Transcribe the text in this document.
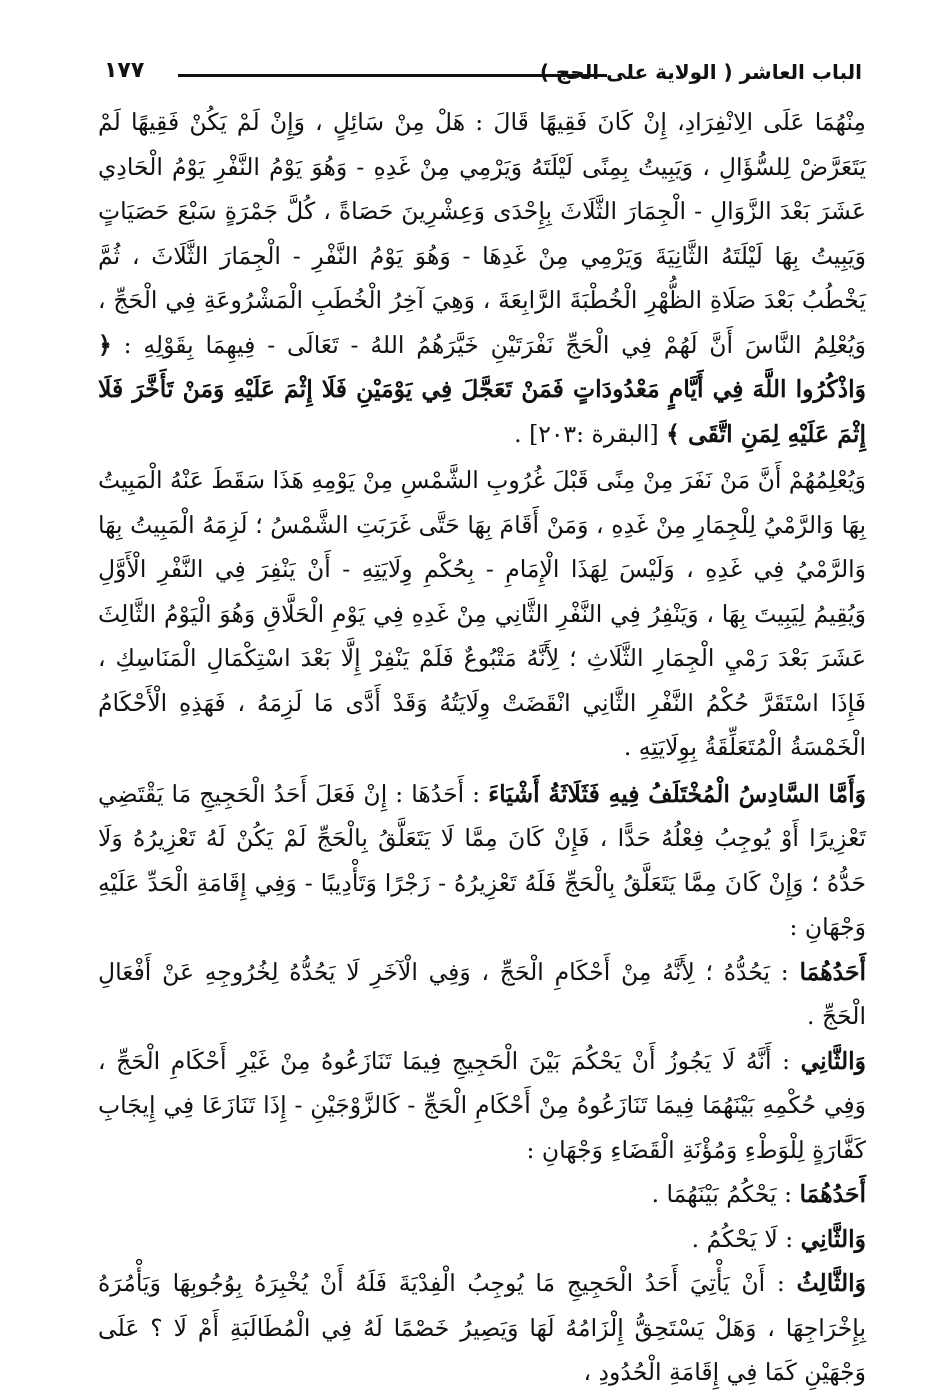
الباب العاشر ( الولاية على الحج )
١٧٧

مِنْهُمَا عَلَى الِانْفِرَادِ، إِنْ كَانَ فَقِيهًا قَالَ : هَلْ مِنْ سَائِلٍ ، وَإِنْ لَمْ يَكُنْ فَقِيهًا لَمْ يَتَعَرَّضْ لِلسُّؤَالِ ، وَيَبِيتُ بِمِنًى لَيْلَتَهُ وَيَرْمِي مِنْ غَدِهِ - وَهُوَ يَوْمُ النَّفْرِ يَوْمُ الْحَادِي عَشَرَ بَعْدَ الزَّوَالِ - الْجِمَارَ الثَّلَاثَ بِإِحْدَى وَعِشْرِينَ حَصَاةً ، كُلَّ جَمْرَةٍ سَبْعَ حَصَيَاتٍ وَيَبِيتُ بِهَا لَيْلَتَهُ الثَّانِيَةَ وَيَرْمِي مِنْ غَدِهَا - وَهُوَ يَوْمُ النَّفْرِ - الْجِمَارَ الثَّلَاثَ ، ثُمَّ يَخْطُبُ بَعْدَ صَلَاةِ الظُّهْرِ الْخُطْبَةَ الرَّابِعَةَ ، وَهِيَ آخِرُ الْخُطَبِ الْمَشْرُوعَةِ فِي الْحَجِّ ، وَيُعْلِمُ النَّاسَ أَنَّ لَهُمْ فِي الْحَجِّ نَفْرَتَيْنِ خَيَّرَهُمُ اللهُ - تَعَالَى - فِيهِمَا بِقَوْلِهِ : ﴿ وَاذْكُرُوا اللَّهَ فِي أَيَّامٍ مَعْدُودَاتٍ فَمَنْ تَعَجَّلَ فِي يَوْمَيْنِ فَلَا إِثْمَ عَلَيْهِ وَمَنْ تَأَخَّرَ فَلَا إِثْمَ عَلَيْهِ لِمَنِ اتَّقَى ﴾ [البقرة :٢٠٣] .

وَيُعْلِمُهُمْ أَنَّ مَنْ نَفَرَ مِنْ مِنًى قَبْلَ غُرُوبِ الشَّمْسِ مِنْ يَوْمِهِ هَذَا سَقَطَ عَنْهُ الْمَبِيتُ بِهَا وَالرَّمْيُ لِلْجِمَارِ مِنْ غَدِهِ ، وَمَنْ أَقَامَ بِهَا حَتَّى غَرَبَتِ الشَّمْسُ ؛ لَزِمَهُ الْمَبِيتُ بِهَا وَالرَّمْيُ فِي غَدِهِ ، وَلَيْسَ لِهَذَا الْإِمَامِ - بِحُكْمِ وِلَايَتِهِ - أَنْ يَنْفِرَ فِي النَّفْرِ الْأَوَّلِ وَيُقِيمُ لِيَبِيتَ بِهَا ، وَيَنْفِرُ فِي النَّفْرِ الثَّانِي مِنْ غَدِهِ فِي يَوْمِ الْحَلَّاقِ وَهُوَ الْيَوْمُ الثَّالِثَ عَشَرَ بَعْدَ رَمْيِ الْجِمَارِ الثَّلَاثِ ؛ لِأَنَّهُ مَتْبُوعٌ فَلَمْ يَنْفِرْ إِلَّا بَعْدَ اسْتِكْمَالِ الْمَنَاسِكِ ، فَإِذَا اسْتَقَرَّ حُكْمُ النَّفْرِ الثَّانِي انْقَضَتْ وِلَايَتُهُ وَقَدْ أَدَّى مَا لَزِمَهُ ، فَهَذِهِ الْأَحْكَامُ الْخَمْسَةُ الْمُتَعَلِّقَةُ بِوِلَايَتِهِ .

وَأَمَّا السَّادِسُ الْمُخْتَلَفُ فِيهِ فَثَلَاثَةُ أَشْيَاءَ : أَحَدُهَا : إِنْ فَعَلَ أَحَدُ الْحَجِيجِ مَا يَقْتَضِي تَعْزِيرًا أَوْ يُوجِبُ فِعْلُهُ حَدًّا ، فَإِنْ كَانَ مِمَّا لَا يَتَعَلَّقُ بِالْحَجِّ لَمْ يَكُنْ لَهُ تَعْزِيرُهُ وَلَا حَدُّهُ ؛ وَإِنْ كَانَ مِمَّا يَتَعَلَّقُ بِالْحَجِّ فَلَهُ تَعْزِيرُهُ - زَجْرًا وَتَأْدِيبًا - وَفِي إِقَامَةِ الْحَدِّ عَلَيْهِ وَجْهَانِ :

أَحَدُهُمَا : يَحُدُّهُ ؛ لِأَنَّهُ مِنْ أَحْكَامِ الْحَجِّ ، وَفِي الْآخَرِ لَا يَحُدُّهُ لِخُرُوجِهِ عَنْ أَفْعَالِ الْحَجِّ .

وَالثَّانِي : أَنَّهُ لَا يَجُوزُ أَنْ يَحْكُمَ بَيْنَ الْحَجِيجِ فِيمَا تَنَازَعُوهُ مِنْ غَيْرِ أَحْكَامِ الْحَجِّ ، وَفِي حُكْمِهِ بَيْنَهُمَا فِيمَا تَنَازَعُوهُ مِنْ أَحْكَامِ الْحَجِّ - كَالزَّوْجَيْنِ - إِذَا تَنَازَعَا فِي إِيجَابِ كَفَّارَةٍ لِلْوَطْءِ وَمُؤْنَةِ الْقَضَاءِ وَجْهَانِ :

أَحَدُهُمَا : يَحْكُمُ بَيْنَهُمَا .

وَالثَّانِي : لَا يَحْكُمُ .

وَالثَّالِثُ : أَنْ يَأْتِيَ أَحَدُ الْحَجِيجِ مَا يُوجِبُ الْفِدْيَةَ فَلَهُ أَنْ يُخْبِرَهُ بِوُجُوبِهَا وَيَأْمُرَهُ بِإِخْرَاجِهَا ، وَهَلْ يَسْتَحِقُّ إِلْزَامُهُ لَهَا وَيَصِيرُ خَصْمًا لَهُ فِي الْمُطَالَبَةِ أَمْ لَا ؟ عَلَى وَجْهَيْنِ كَمَا فِي إِقَامَةِ الْحُدُودِ ،
